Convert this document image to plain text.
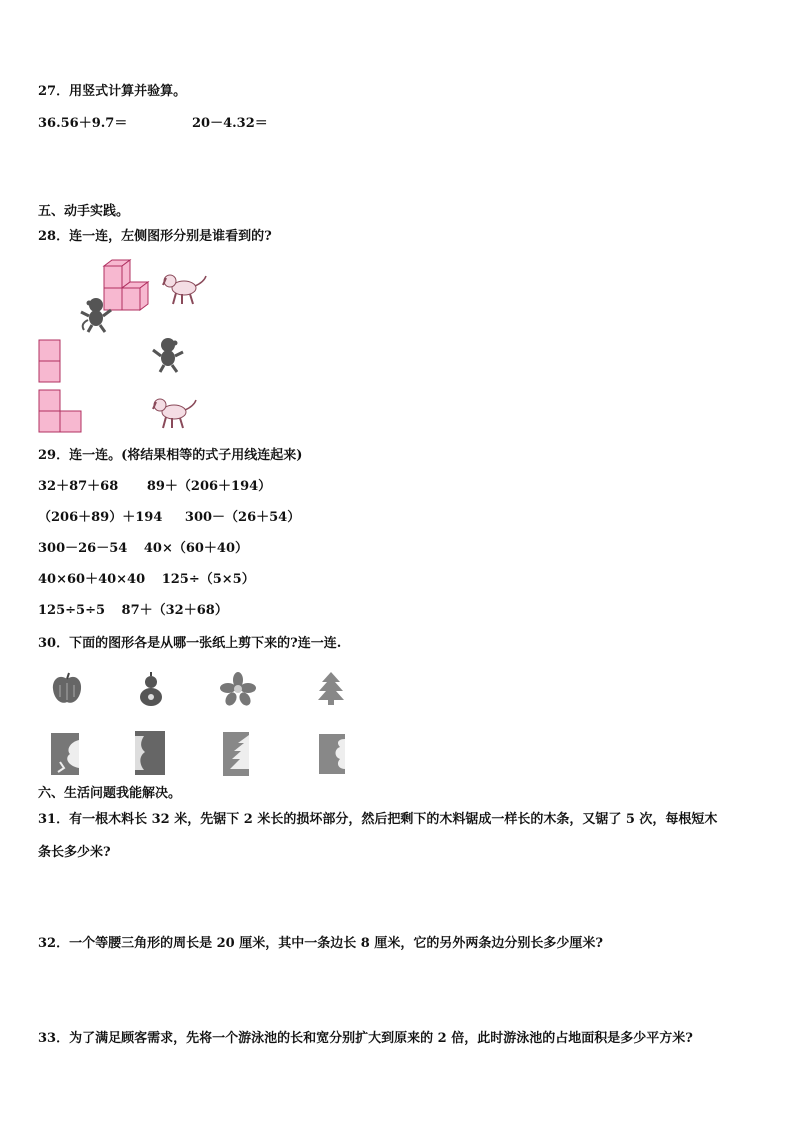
27．用竖式计算并验算。
36.56＋9.7＝	20－4.32＝
五、动手实践。
28．连一连，左侧图形分别是谁看到的?
29．连一连。(将结果相等的式子用线连起来)
32＋87＋68 89＋（206＋194）
（206＋89）＋194 300－（26＋54）
300－26－54 40×（60＋40）
40×60＋40×40 125÷（5×5）
125÷5÷5 87＋（32＋68）
30．下面的图形各是从哪一张纸上剪下来的?连一连.
六、生活问题我能解决。
31．有一根木料长 32 米，先锯下 2 米长的损坏部分，然后把剩下的木料锯成一样长的木条，又锯了 5 次，每根短木
条长多少米?
32．一个等腰三角形的周长是 20 厘米，其中一条边长 8 厘米，它的另外两条边分别长多少厘米?
33．为了满足顾客需求，先将一个游泳池的长和宽分别扩大到原来的 2 倍，此时游泳池的占地面积是多少平方米?
